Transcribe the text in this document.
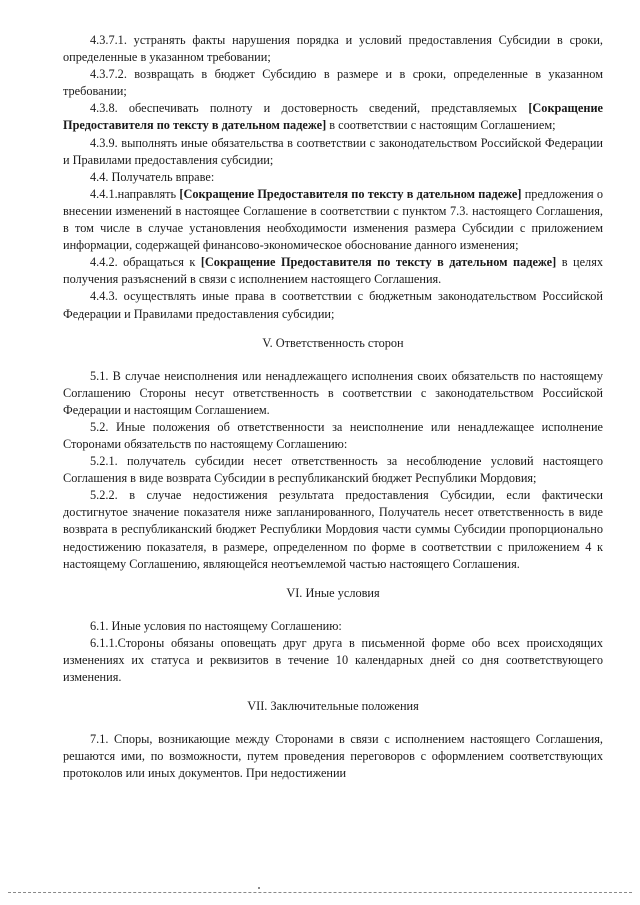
4.3.7.1. устранять факты нарушения порядка и условий предоставления Субсидии в сроки, определенные в указанном требовании;

4.3.7.2. возвращать в бюджет Субсидию в размере и в сроки, определенные в указанном требовании;

4.3.8. обеспечивать полноту и достоверность сведений, представляемых [Сокращение Предоставителя по тексту в дательном падеже] в соответствии с настоящим Соглашением;

4.3.9. выполнять иные обязательства в соответствии с законодательством Российской Федерации и Правилами предоставления субсидии;

4.4. Получатель вправе:

4.4.1.направлять [Сокращение Предоставителя по тексту в дательном падеже] предложения о внесении изменений в настоящее Соглашение в соответствии с пунктом 7.3. настоящего Соглашения, в том числе в случае установления необходимости изменения размера Субсидии с приложением информации, содержащей финансово-экономическое обоснование данного изменения;

4.4.2. обращаться к [Сокращение Предоставителя по тексту в дательном падеже] в целях получения разъяснений в связи с исполнением настоящего Соглашения.

4.4.3. осуществлять иные права в соответствии с бюджетным законодательством Российской Федерации и Правилами предоставления субсидии;

V. Ответственность сторон

5.1. В случае неисполнения или ненадлежащего исполнения своих обязательств по настоящему Соглашению Стороны несут ответственность в соответствии с законодательством Российской Федерации и настоящим Соглашением.

5.2. Иные положения об ответственности за неисполнение или ненадлежащее исполнение Сторонами обязательств по настоящему Соглашению:

5.2.1. получатель субсидии несет ответственность за несоблюдение условий настоящего Соглашения в виде возврата Субсидии в республиканский бюджет Республики Мордовия;

5.2.2. в случае недостижения результата предоставления Субсидии, если фактически достигнутое значение показателя ниже запланированного, Получатель несет ответственность в виде возврата в республиканский бюджет Республики Мордовия части суммы Субсидии пропорционально недостижению показателя, в размере, определенном по форме в соответствии с приложением 4 к настоящему Соглашению, являющейся неотъемлемой частью настоящего Соглашения.

VI. Иные условия

6.1. Иные условия по настоящему Соглашению:

6.1.1.Стороны обязаны оповещать друг друга в письменной форме обо всех происходящих изменениях их статуса и реквизитов в течение 10 календарных дней со дня соответствующего изменения.

VII. Заключительные положения

7.1. Споры, возникающие между Сторонами в связи с исполнением настоящего Соглашения, решаются ими, по возможности, путем проведения переговоров с оформлением соответствующих протоколов или иных документов. При недостижении
